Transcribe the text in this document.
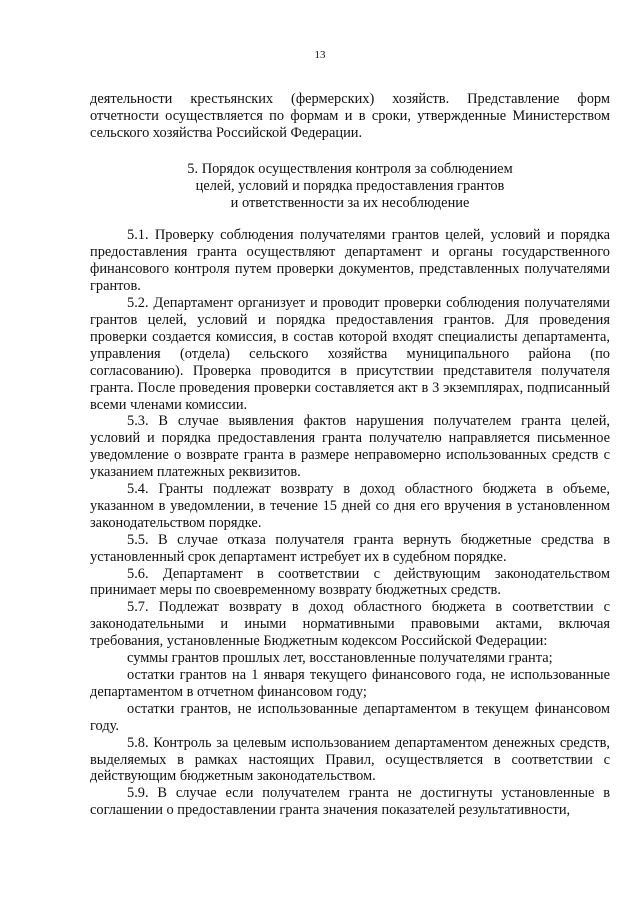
13

деятельности крестьянских (фермерских) хозяйств. Представление форм отчетности осуществляется по формам и в сроки, утвержденные Министерством сельского хозяйства Российской Федерации.

5. Порядок осуществления контроля за соблюдением
целей, условий и порядка предоставления грантов
и ответственности за их несоблюдение

5.1. Проверку соблюдения получателями грантов целей, условий и порядка предоставления гранта осуществляют департамент и органы государственного финансового контроля путем проверки документов, представленных получателями грантов.

5.2. Департамент организует и проводит проверки соблюдения получателями грантов целей, условий и порядка предоставления грантов. Для проведения проверки создается комиссия, в состав которой входят специалисты департамента, управления (отдела) сельского хозяйства муниципального района (по согласованию). Проверка проводится в присутствии представителя получателя гранта. После проведения проверки составляется акт в 3 экземплярах, подписанный всеми членами комиссии.

5.3. В случае выявления фактов нарушения получателем гранта целей, условий и порядка предоставления гранта получателю направляется письменное уведомление о возврате гранта в размере неправомерно использованных средств с указанием платежных реквизитов.

5.4. Гранты подлежат возврату в доход областного бюджета в объеме, указанном в уведомлении, в течение 15 дней со дня его вручения в установленном законодательством порядке.

5.5. В случае отказа получателя гранта вернуть бюджетные средства в установленный срок департамент истребует их в судебном порядке.

5.6. Департамент в соответствии с действующим законодательством принимает меры по своевременному возврату бюджетных средств.

5.7. Подлежат возврату в доход областного бюджета в соответствии с законодательными и иными нормативными правовыми актами, включая требования, установленные Бюджетным кодексом Российской Федерации:

суммы грантов прошлых лет, восстановленные получателями гранта;

остатки грантов на 1 января текущего финансового года, не использованные департаментом в отчетном финансовом году;

остатки грантов, не использованные департаментом в текущем финансовом году.

5.8. Контроль за целевым использованием департаментом денежных средств, выделяемых в рамках настоящих Правил, осуществляется в соответствии с действующим бюджетным законодательством.

5.9. В случае если получателем гранта не достигнуты установленные в соглашении о предоставлении гранта значения показателей результативности,
